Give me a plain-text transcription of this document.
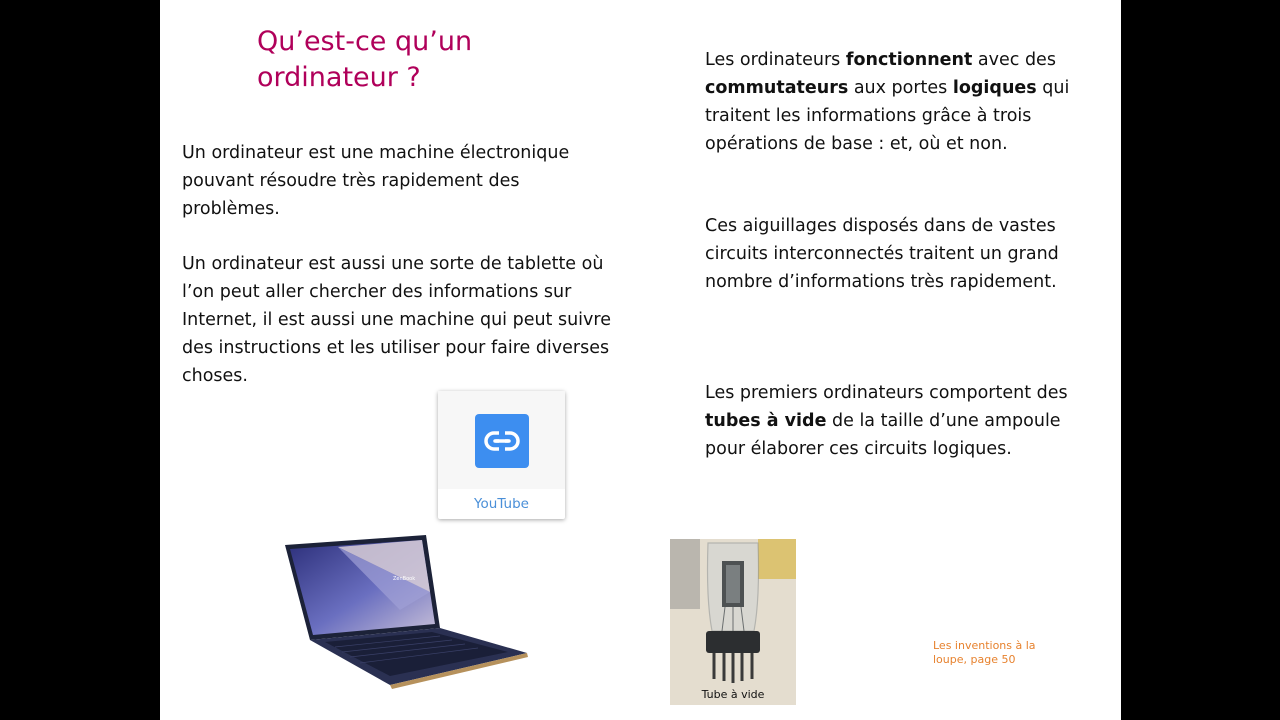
Qu’est-ce qu’un ordinateur ?

Un ordinateur est une machine électronique pouvant résoudre très rapidement des problèmes.

Un ordinateur est aussi une sorte de tablette où l’on peut aller chercher des informations sur Internet, il est aussi une machine qui peut suivre des instructions et les utiliser pour faire diverses choses.

Les ordinateurs fonctionnent avec des commutateurs aux portes logiques qui traitent les informations grâce à trois opérations de base : et, où et non.

Ces aiguillages disposés dans de vastes circuits interconnectés traitent un grand nombre d’informations très rapidement.

Les premiers ordinateurs comportent des tubes à vide de la taille d’une ampoule pour élaborer ces circuits logiques.

YouTube
ZenBook
Tube à vide
Les inventions à la loupe, page 50
